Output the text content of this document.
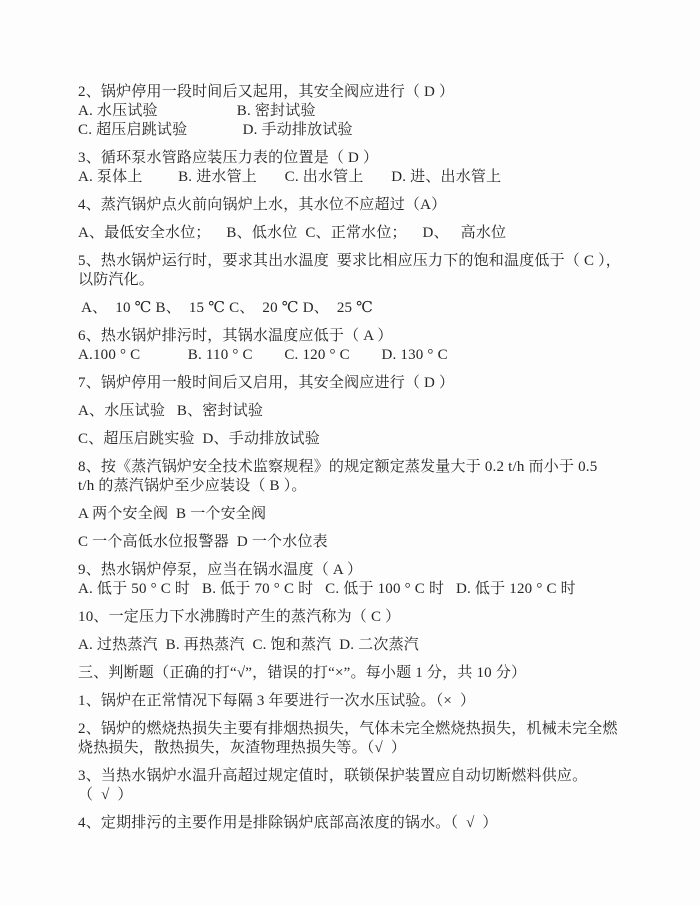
2、锅炉停用一段时间后又起用，其安全阀应进行（ D ）
A. 水压试验                    B. 密封试验
C. 超压启跳试验              D. 手动排放试验
3、循环泵水管路应装压力表的位置是（ D ）
A. 泵体上         B. 进水管上       C. 出水管上       D. 进、出水管上
4、蒸汽锅炉点火前向锅炉上水，其水位不应超过（A）
A、最低安全水位；    B、低水位  C、正常水位；    D、   高水位
5、热水锅炉运行时，要求其出水温度  要求比相应压力下的饱和温度低于（ C ），
以防汽化。
A、  10 ℃ B、  15 ℃ C、  20 ℃ D、  25 ℃
6、热水锅炉排污时，其锅水温度应低于（ A ）
A.100 ° C            B. 110 ° C        C. 120 ° C        D. 130 ° C
7、锅炉停用一般时间后又启用，其安全阀应进行（ D ）
A、水压试验   B、密封试验
C、超压启跳实验  D、手动排放试验
8、按《蒸汽锅炉安全技术监察规程》的规定额定蒸发量大于 0.2 t/h 而小于 0.5
t/h 的蒸汽锅炉至少应装设（ B ）。
A 两个安全阀  B 一个安全阀
C 一个高低水位报警器  D 一个水位表
9、热水锅炉停泵，应当在锅水温度（ A ）
A. 低于 50 ° C 时   B. 低于 70 ° C 时   C. 低于 100 ° C 时   D. 低于 120 ° C 时
10、一定压力下水沸腾时产生的蒸汽称为（ C ）
A. 过热蒸汽  B. 再热蒸汽  C. 饱和蒸汽  D. 二次蒸汽
三、判断题（正确的打“√”，错误的打“×”。每小题 1 分，共 10 分）
1、锅炉在正常情况下每隔 3 年要进行一次水压试验。（×  ）
2、锅炉的燃烧热损失主要有排烟热损失，气体未完全燃烧热损失，机械未完全燃
烧热损失，散热损失，灰渣物理热损失等。（√  ）
3、当热水锅炉水温升高超过规定值时，联锁保护装置应自动切断燃料供应。
（  √  ）
4、定期排污的主要作用是排除锅炉底部高浓度的锅水。（  √  ）
